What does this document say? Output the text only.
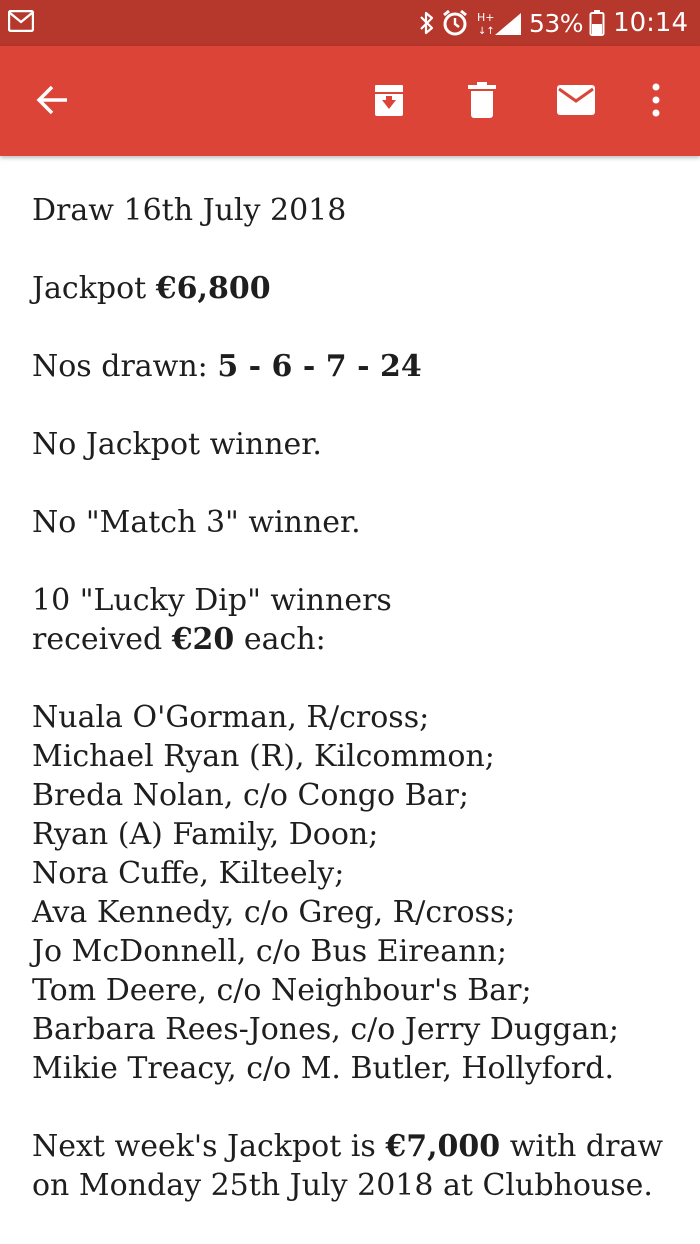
H+
↓↑ 53% 10:14

Draw 16th July 2018

Jackpot €6,800

Nos drawn: 5 - 6 - 7 - 24

No Jackpot winner.

No "Match 3" winner.

10 "Lucky Dip" winners
received €20 each:

Nuala O'Gorman, R/cross;
Michael Ryan (R), Kilcommon;
Breda Nolan, c/o Congo Bar;
Ryan (A) Family, Doon;
Nora Cuffe, Kilteely;
Ava Kennedy, c/o Greg, R/cross;
Jo McDonnell, c/o Bus Eireann;
Tom Deere, c/o Neighbour's Bar;
Barbara Rees-Jones, c/o Jerry Duggan;
Mikie Treacy, c/o M. Butler, Hollyford.

Next week's Jackpot is €7,000 with draw on Monday 25th July 2018 at Clubhouse.
